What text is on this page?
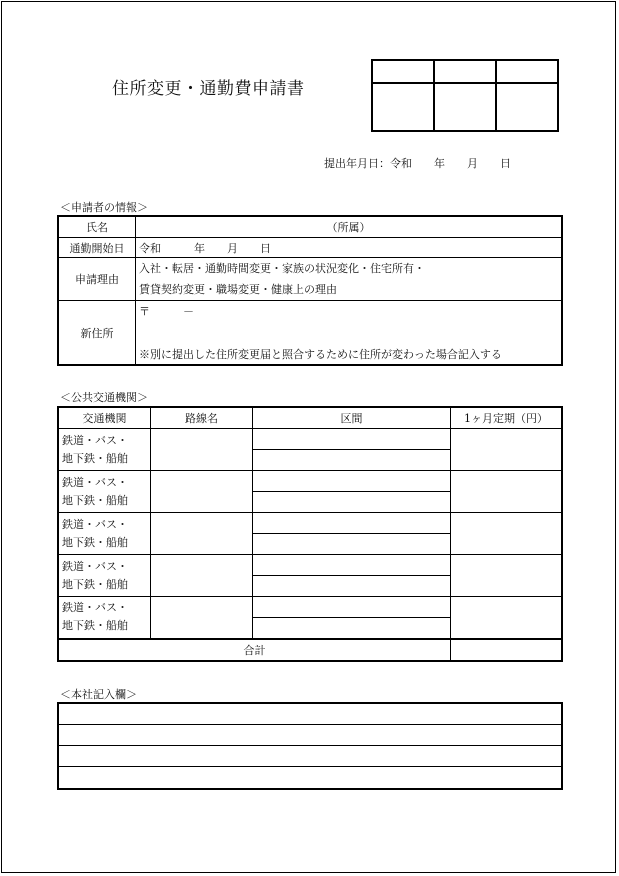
住所変更・通勤費申請書

提出年月日：令和　　年　　月　　日
＜申請者の情報＞
氏名	（所属）
通勤開始日	令和　　　年　　月　　日
申請理由	入社・転居・通勤時間変更・家族の状況変化・住宅所有・
賃貸契約変更・職場変更・健康上の理由

新住所	〒　　　－
※別に提出した住所変更届と照合するために住所が変わった場合記入する
＜公共交通機関＞
交通機関	路線名	区間	1ヶ月定期（円）

鉄道・バス・
地下鉄・船舶			

鉄道・バス・
地下鉄・船舶			

鉄道・バス・
地下鉄・船舶			

鉄道・バス・
地下鉄・船舶			

鉄道・バス・
地下鉄・船舶			

合計			
＜本社記入欄＞
